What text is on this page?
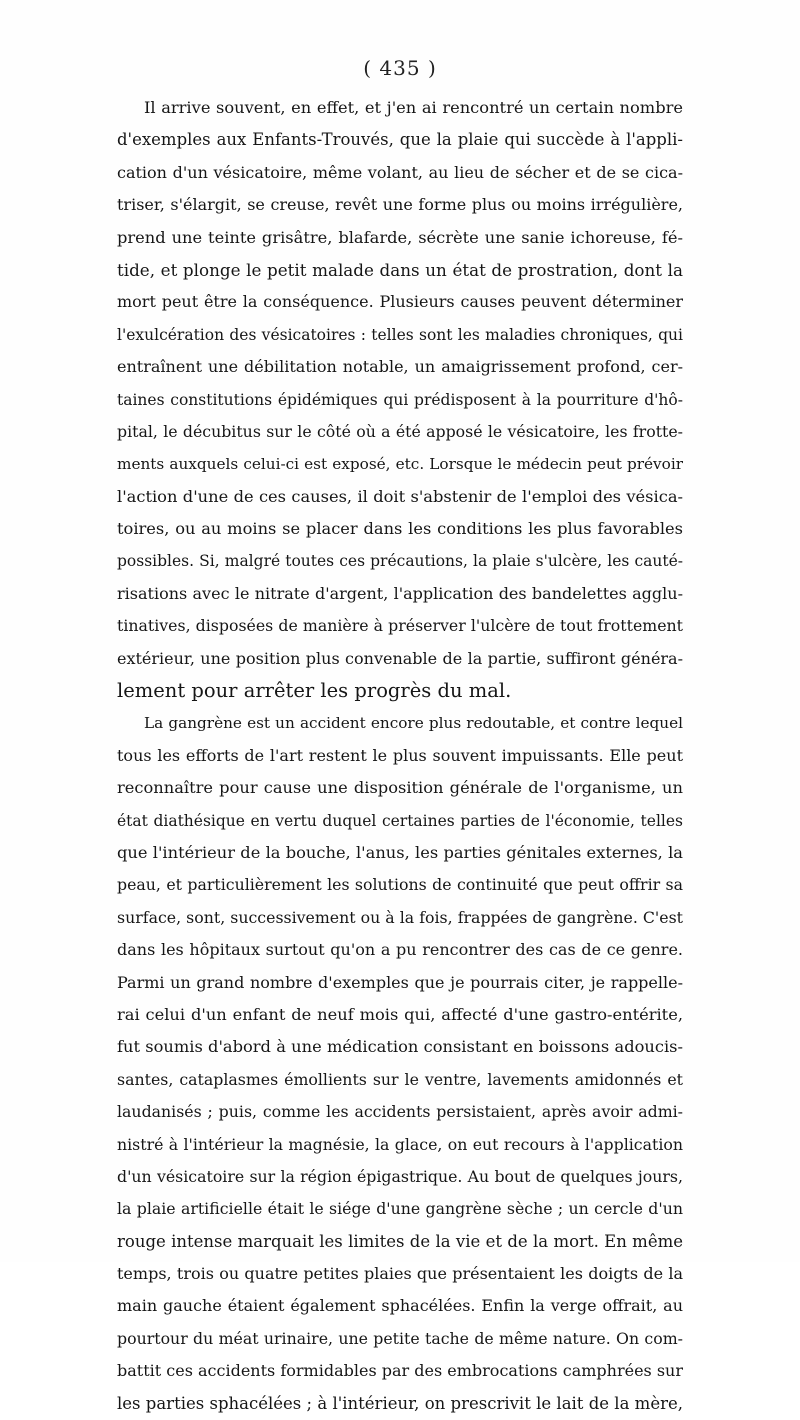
( 435 )
Il arrive souvent, en effet, et j'en ai rencontré un certain nombre
d'exemples aux Enfants-Trouvés, que la plaie qui succède à l'appli-
cation d'un vésicatoire, même volant, au lieu de sécher et de se cica-
triser, s'élargit, se creuse, revêt une forme plus ou moins irrégulière,
prend une teinte grisâtre, blafarde, sécrète une sanie ichoreuse, fé-
tide, et plonge le petit malade dans un état de prostration, dont la
mort peut être la conséquence. Plusieurs causes peuvent déterminer
l'exulcération des vésicatoires : telles sont les maladies chroniques, qui
entraînent une débilitation notable, un amaigrissement profond, cer-
taines constitutions épidémiques qui prédisposent à la pourriture d'hô-
pital, le décubitus sur le côté où a été apposé le vésicatoire, les frotte-
ments auxquels celui-ci est exposé, etc. Lorsque le médecin peut prévoir
l'action d'une de ces causes, il doit s'abstenir de l'emploi des vésica-
toires, ou au moins se placer dans les conditions les plus favorables
possibles. Si, malgré toutes ces précautions, la plaie s'ulcère, les cauté-
risations avec le nitrate d'argent, l'application des bandelettes agglu-
tinatives, disposées de manière à préserver l'ulcère de tout frottement
extérieur, une position plus convenable de la partie, suffiront généra-
lement pour arrêter les progrès du mal.
La gangrène est un accident encore plus redoutable, et contre lequel
tous les efforts de l'art restent le plus souvent impuissants. Elle peut
reconnaître pour cause une disposition générale de l'organisme, un
état diathésique en vertu duquel certaines parties de l'économie, telles
que l'intérieur de la bouche, l'anus, les parties génitales externes, la
peau, et particulièrement les solutions de continuité que peut offrir sa
surface, sont, successivement ou à la fois, frappées de gangrène. C'est
dans les hôpitaux surtout qu'on a pu rencontrer des cas de ce genre.
Parmi un grand nombre d'exemples que je pourrais citer, je rappelle-
rai celui d'un enfant de neuf mois qui, affecté d'une gastro-entérite,
fut soumis d'abord à une médication consistant en boissons adoucis-
santes, cataplasmes émollients sur le ventre, lavements amidonnés et
laudanisés ; puis, comme les accidents persistaient, après avoir admi-
nistré à l'intérieur la magnésie, la glace, on eut recours à l'application
d'un vésicatoire sur la région épigastrique. Au bout de quelques jours,
la plaie artificielle était le siége d'une gangrène sèche ; un cercle d'un
rouge intense marquait les limites de la vie et de la mort. En même
temps, trois ou quatre petites plaies que présentaient les doigts de la
main gauche étaient également sphacélées. Enfin la verge offrait, au
pourtour du méat urinaire, une petite tache de même nature. On com-
battit ces accidents formidables par des embrocations camphrées sur
les parties sphacélées ; à l'intérieur, on prescrivit le lait de la mère,
